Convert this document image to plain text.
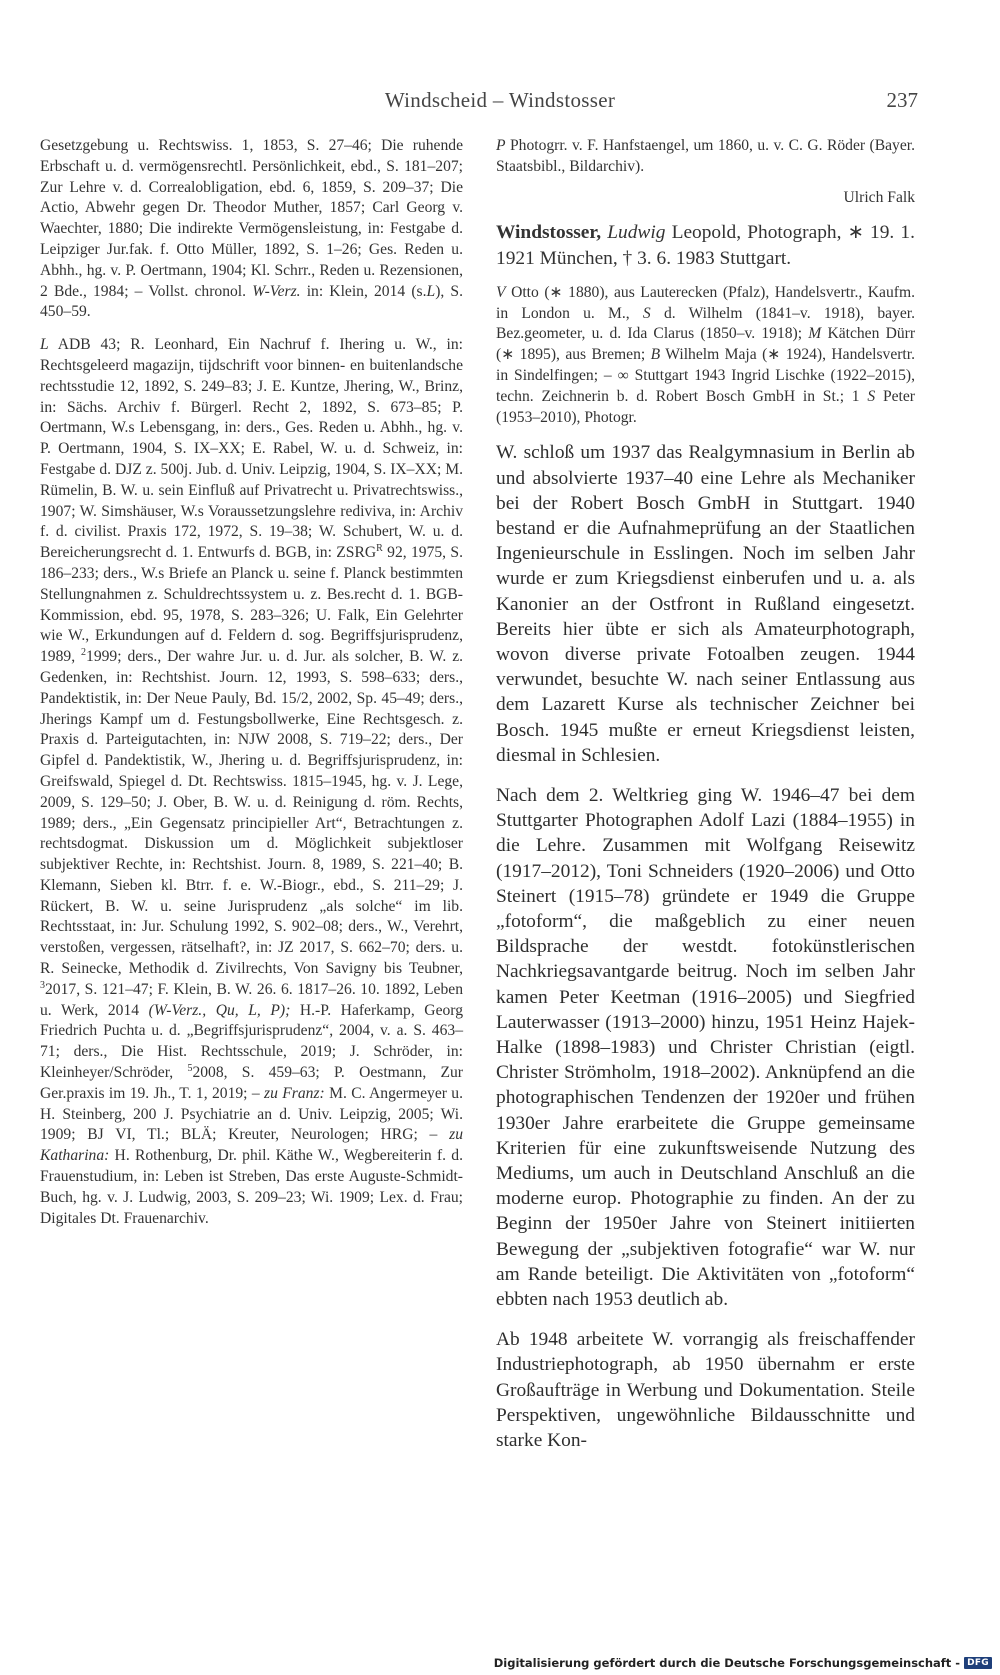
Windscheid – Windstosser	237

Gesetzgebung u. Rechtswiss. 1, 1853, S. 27–46; Die ruhende Erbschaft u. d. vermögensrechtl. Persönlichkeit, ebd., S. 181–207; Zur Lehre v. d. Correalobligation, ebd. 6, 1859, S. 209–37; Die Actio, Abwehr gegen Dr. Theodor Muther, 1857; Carl Georg v. Waechter, 1880; Die indirekte Vermögensleistung, in: Festgabe d. Leipziger Jur.fak. f. Otto Müller, 1892, S. 1–26; Ges. Reden u. Abhh., hg. v. P. Oertmann, 1904; Kl. Schrr., Reden u. Rezensionen, 2 Bde., 1984; – Vollst. chronol. W-Verz. in: Klein, 2014 (s.L), S. 450–59.

L ADB 43; R. Leonhard, Ein Nachruf f. Ihering u. W., in: Rechtsgeleerd magazijn, tijdschrift voor binnen- en buitenlandsche rechtsstudie 12, 1892, S. 249–83; J. E. Kuntze, Jhering, W., Brinz, in: Sächs. Archiv f. Bürgerl. Recht 2, 1892, S. 673–85; P. Oertmann, W.s Lebensgang, in: ders., Ges. Reden u. Abhh., hg. v. P. Oertmann, 1904, S. IX–XX; E. Rabel, W. u. d. Schweiz, in: Festgabe d. DJZ z. 500j. Jub. d. Univ. Leipzig, 1904, S. IX–XX; M. Rümelin, B. W. u. sein Einfluß auf Privatrecht u. Privatrechtswiss., 1907; W. Simshäuser, W.s Voraussetzungslehre rediviva, in: Archiv f. d. civilist. Praxis 172, 1972, S. 19–38; W. Schubert, W. u. d. Bereicherungsrecht d. 1. Entwurfs d. BGB, in: $ZSRG^R$ 92, 1975, S. 186–233; ders., W.s Briefe an Planck u. seine f. Planck bestimmten Stellungnahmen z. Schuldrechtssystem u. z. Bes.recht d. 1. BGB-Kommission, ebd. 95, 1978, S. 283–326; U. Falk, Ein Gelehrter wie W., Erkundungen auf d. Feldern d. sog. Begriffsjurisprudenz, 1989, $^2$1999; ders., Der wahre Jur. u. d. Jur. als solcher, B. W. z. Gedenken, in: Rechtshist. Journ. 12, 1993, S. 598–633; ders., Pandektistik, in: Der Neue Pauly, Bd. 15/2, 2002, Sp. 45–49; ders., Jherings Kampf um d. Festungsbollwerke, Eine Rechtsgesch. z. Praxis d. Parteigutachten, in: NJW 2008, S. 719–22; ders., Der Gipfel d. Pandektistik, W., Jhering u. d. Begriffsjurisprudenz, in: Greifswald, Spiegel d. Dt. Rechtswiss. 1815–1945, hg. v. J. Lege, 2009, S. 129–50; J. Ober, B. W. u. d. Reinigung d. röm. Rechts, 1989; ders., „Ein Gegensatz principieller Art“, Betrachtungen z. rechtsdogmat. Diskussion um d. Möglichkeit subjektloser subjektiver Rechte, in: Rechtshist. Journ. 8, 1989, S. 221–40; B. Klemann, Sieben kl. Btrr. f. e. W.-Biogr., ebd., S. 211–29; J. Rückert, B. W. u. seine Jurisprudenz „als solche“ im lib. Rechtsstaat, in: Jur. Schulung 1992, S. 902–08; ders., W., Verehrt, verstoßen, vergessen, rätselhaft?, in: JZ 2017, S. 662–70; ders. u. R. Seinecke, Methodik d. Zivilrechts, Von Savigny bis Teubner, $^3$2017, S. 121–47; F. Klein, B. W. 26. 6. 1817–26. 10. 1892, Leben u. Werk, 2014 (W-Verz., Qu, L, P); H.-P. Haferkamp, Georg Friedrich Puchta u. d. „Begriffsjurisprudenz“, 2004, v. a. S. 463–71; ders., Die Hist. Rechtsschule, 2019; J. Schröder, in: Kleinheyer/Schröder, $^5$2008, S. 459–63; P. Oestmann, Zur Ger.praxis im 19. Jh., T. 1, 2019; – zu Franz: M. C. Angermeyer u. H. Steinberg, 200 J. Psychiatrie an d. Univ. Leipzig, 2005; Wi. 1909; BJ VI, Tl.; BLÄ; Kreuter, Neurologen; HRG; – zu Katharina: H. Rothenburg, Dr. phil. Käthe W., Wegbereiterin f. d. Frauenstudium, in: Leben ist Streben, Das erste Auguste-Schmidt-Buch, hg. v. J. Ludwig, 2003, S. 209–23; Wi. 1909; Lex. d. Frau; Digitales Dt. Frauenarchiv.

P Photogrr. v. F. Hanfstaengel, um 1860, u. v. C. G. Röder (Bayer. Staatsbibl., Bildarchiv).

Ulrich Falk

Windstosser, Ludwig Leopold, Photograph, ∗ 19. 1. 1921 München, † 3. 6. 1983 Stuttgart.

V Otto (∗ 1880), aus Lauterecken (Pfalz), Handelsvertr., Kaufm. in London u. M., S d. Wilhelm (1841–v. 1918), bayer. Bez.geometer, u. d. Ida Clarus (1850–v. 1918); M Kätchen Dürr (∗ 1895), aus Bremen; B Wilhelm Maja (∗ 1924), Handelsvertr. in Sindelfingen; – ∞ Stuttgart 1943 Ingrid Lischke (1922–2015), techn. Zeichnerin b. d. Robert Bosch GmbH in St.; 1 S Peter (1953–2010), Photogr.

W. schloß um 1937 das Realgymnasium in Berlin ab und absolvierte 1937–40 eine Lehre als Mechaniker bei der Robert Bosch GmbH in Stuttgart. 1940 bestand er die Aufnahmeprüfung an der Staatlichen Ingenieurschule in Esslingen. Noch im selben Jahr wurde er zum Kriegsdienst einberufen und u. a. als Kanonier an der Ostfront in Rußland eingesetzt. Bereits hier übte er sich als Amateurphotograph, wovon diverse private Fotoalben zeugen. 1944 verwundet, besuchte W. nach seiner Entlassung aus dem Lazarett Kurse als technischer Zeichner bei Bosch. 1945 mußte er erneut Kriegsdienst leisten, diesmal in Schlesien.

Nach dem 2. Weltkrieg ging W. 1946–47 bei dem Stuttgarter Photographen Adolf Lazi (1884–1955) in die Lehre. Zusammen mit Wolfgang Reisewitz (1917–2012), Toni Schneiders (1920–2006) und Otto Steinert (1915–78) gründete er 1949 die Gruppe „fotoform“, die maßgeblich zu einer neuen Bildsprache der westdt. fotokünstlerischen Nachkriegsavantgarde beitrug. Noch im selben Jahr kamen Peter Keetman (1916–2005) und Siegfried Lauterwasser (1913–2000) hinzu, 1951 Heinz Hajek-Halke (1898–1983) und Christer Christian (eigtl. Christer Strömholm, 1918–2002). Anknüpfend an die photographischen Tendenzen der 1920er und frühen 1930er Jahre erarbeitete die Gruppe gemeinsame Kriterien für eine zukunftsweisende Nutzung des Mediums, um auch in Deutschland Anschluß an die moderne europ. Photographie zu finden. An der zu Beginn der 1950er Jahre von Steinert initiierten Bewegung der „subjektiven fotografie“ war W. nur am Rande beteiligt. Die Aktivitäten von „fotoform“ ebbten nach 1953 deutlich ab.

Ab 1948 arbeitete W. vorrangig als freischaffender Industriephotograph, ab 1950 übernahm er erste Großaufträge in Werbung und Dokumentation. Steile Perspektiven, ungewöhnliche Bildausschnitte und starke Kon-

Digitalisierung gefördert durch die Deutsche Forschungsgemeinschaft - DFG
